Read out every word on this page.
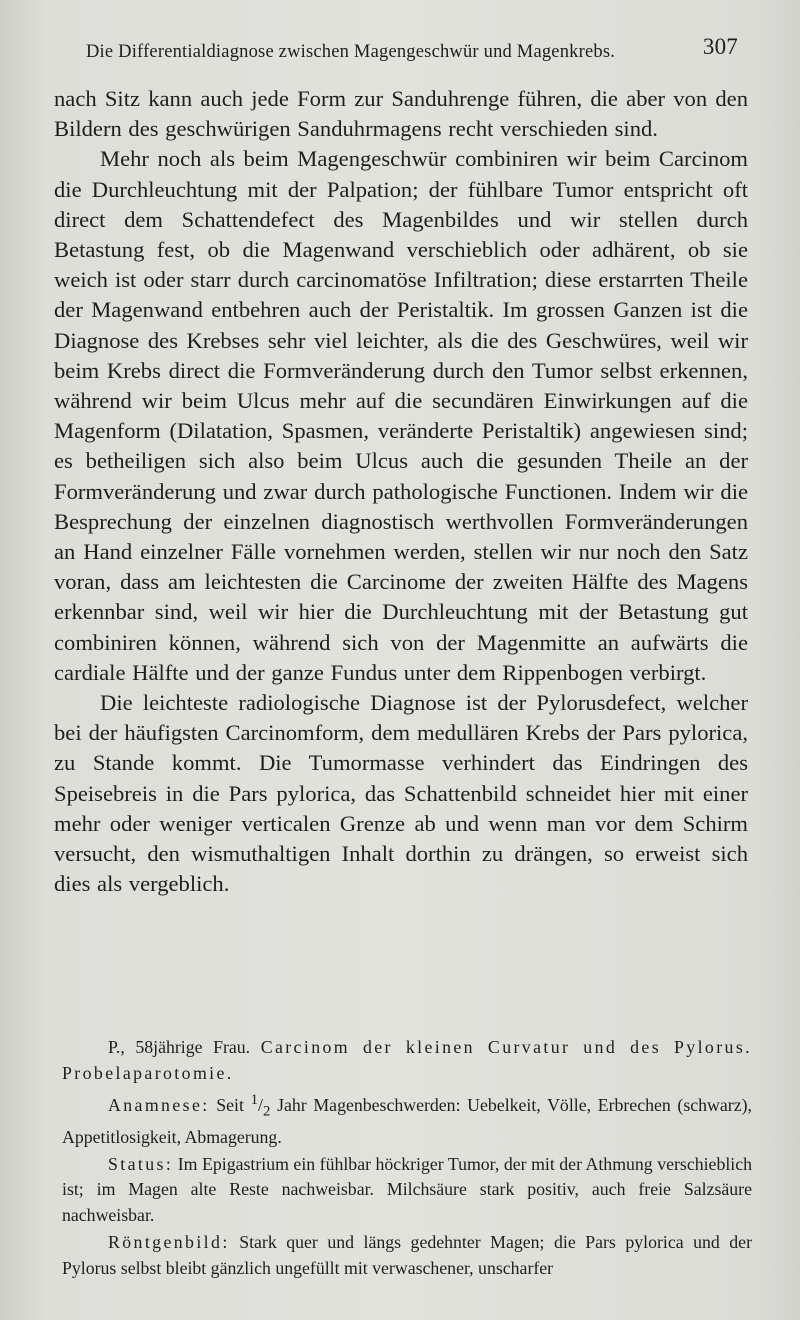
Die Differentialdiagnose zwischen Magengeschwür und Magenkrebs.	307

nach Sitz kann auch jede Form zur Sanduhrenge führen, die aber von den Bildern des geschwürigen Sanduhrmagens recht verschieden sind.

Mehr noch als beim Magengeschwür combiniren wir beim Carcinom die Durchleuchtung mit der Palpation; der fühlbare Tumor entspricht oft direct dem Schattendefect des Magenbildes und wir stellen durch Betastung fest, ob die Magenwand verschieblich oder adhärent, ob sie weich ist oder starr durch carcinomatöse Infiltration; diese erstarrten Theile der Magenwand entbehren auch der Peristaltik. Im grossen Ganzen ist die Diagnose des Krebses sehr viel leichter, als die des Geschwüres, weil wir beim Krebs direct die Formveränderung durch den Tumor selbst erkennen, während wir beim Ulcus mehr auf die secundären Einwirkungen auf die Magenform (Dilatation, Spasmen, veränderte Peristaltik) angewiesen sind; es betheiligen sich also beim Ulcus auch die gesunden Theile an der Formveränderung und zwar durch pathologische Functionen. Indem wir die Besprechung der einzelnen diagnostisch werthvollen Formveränderungen an Hand einzelner Fälle vornehmen werden, stellen wir nur noch den Satz voran, dass am leichtesten die Carcinome der zweiten Hälfte des Magens erkennbar sind, weil wir hier die Durchleuchtung mit der Betastung gut combiniren können, während sich von der Magenmitte an aufwärts die cardiale Hälfte und der ganze Fundus unter dem Rippenbogen verbirgt.

Die leichteste radiologische Diagnose ist der Pylorusdefect, welcher bei der häufigsten Carcinomform, dem medullären Krebs der Pars pylorica, zu Stande kommt. Die Tumormasse verhindert das Eindringen des Speisebreis in die Pars pylorica, das Schattenbild schneidet hier mit einer mehr oder weniger verticalen Grenze ab und wenn man vor dem Schirm versucht, den wismuthaltigen Inhalt dorthin zu drängen, so erweist sich dies als vergeblich.

P., 58jährige Frau. Carcinom der kleinen Curvatur und des Pylorus. Probelaparotomie.

Anamnese: Seit $^1/_2$ Jahr Magenbeschwerden: Uebelkeit, Völle, Erbrechen (schwarz), Appetitlosigkeit, Abmagerung.

Status: Im Epigastrium ein fühlbar höckriger Tumor, der mit der Athmung verschieblich ist; im Magen alte Reste nachweisbar. Milchsäure stark positiv, auch freie Salzsäure nachweisbar.

Röntgenbild: Stark quer und längs gedehnter Magen; die Pars pylorica und der Pylorus selbst bleibt gänzlich ungefüllt mit verwaschener, unscharfer
